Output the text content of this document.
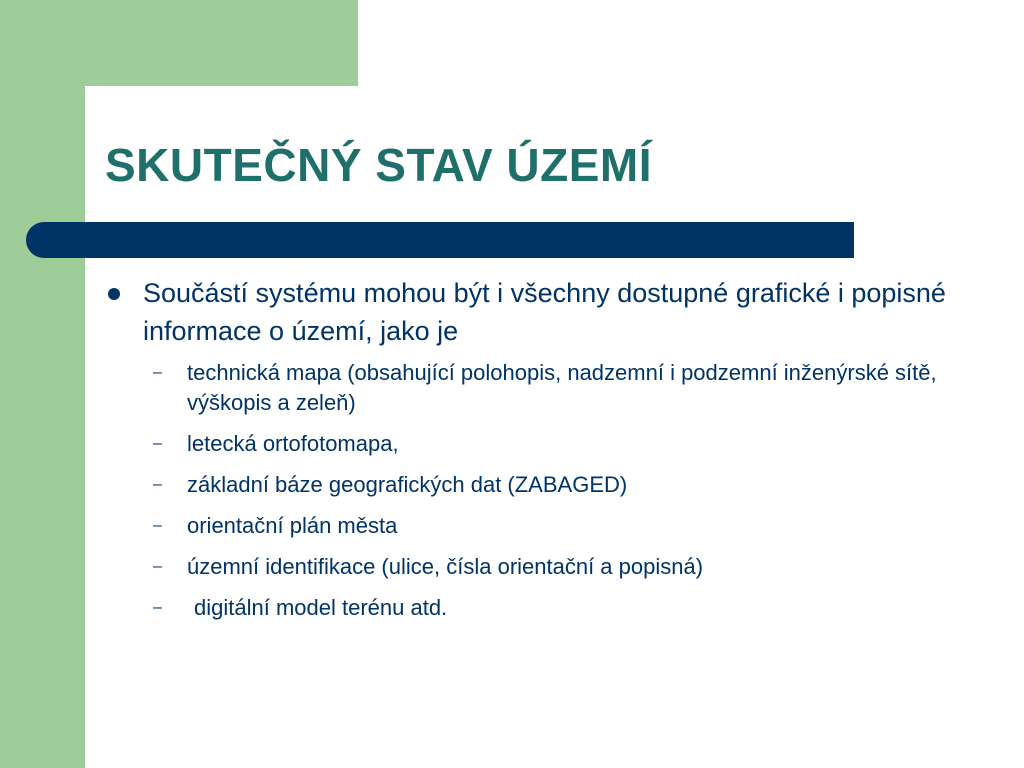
SKUTEČNÝ STAV ÚZEMÍ
Součástí systému mohou být i všechny dostupné grafické i popisné informace o území, jako je
– technická mapa (obsahující polohopis, nadzemní i podzemní inženýrské sítě, výškopis a zeleň)
– letecká ortofotomapa,
– základní báze geografických dat (ZABAGED)
– orientační plán města
– územní identifikace (ulice, čísla orientační a popisná)
– digitální model terénu atd.
